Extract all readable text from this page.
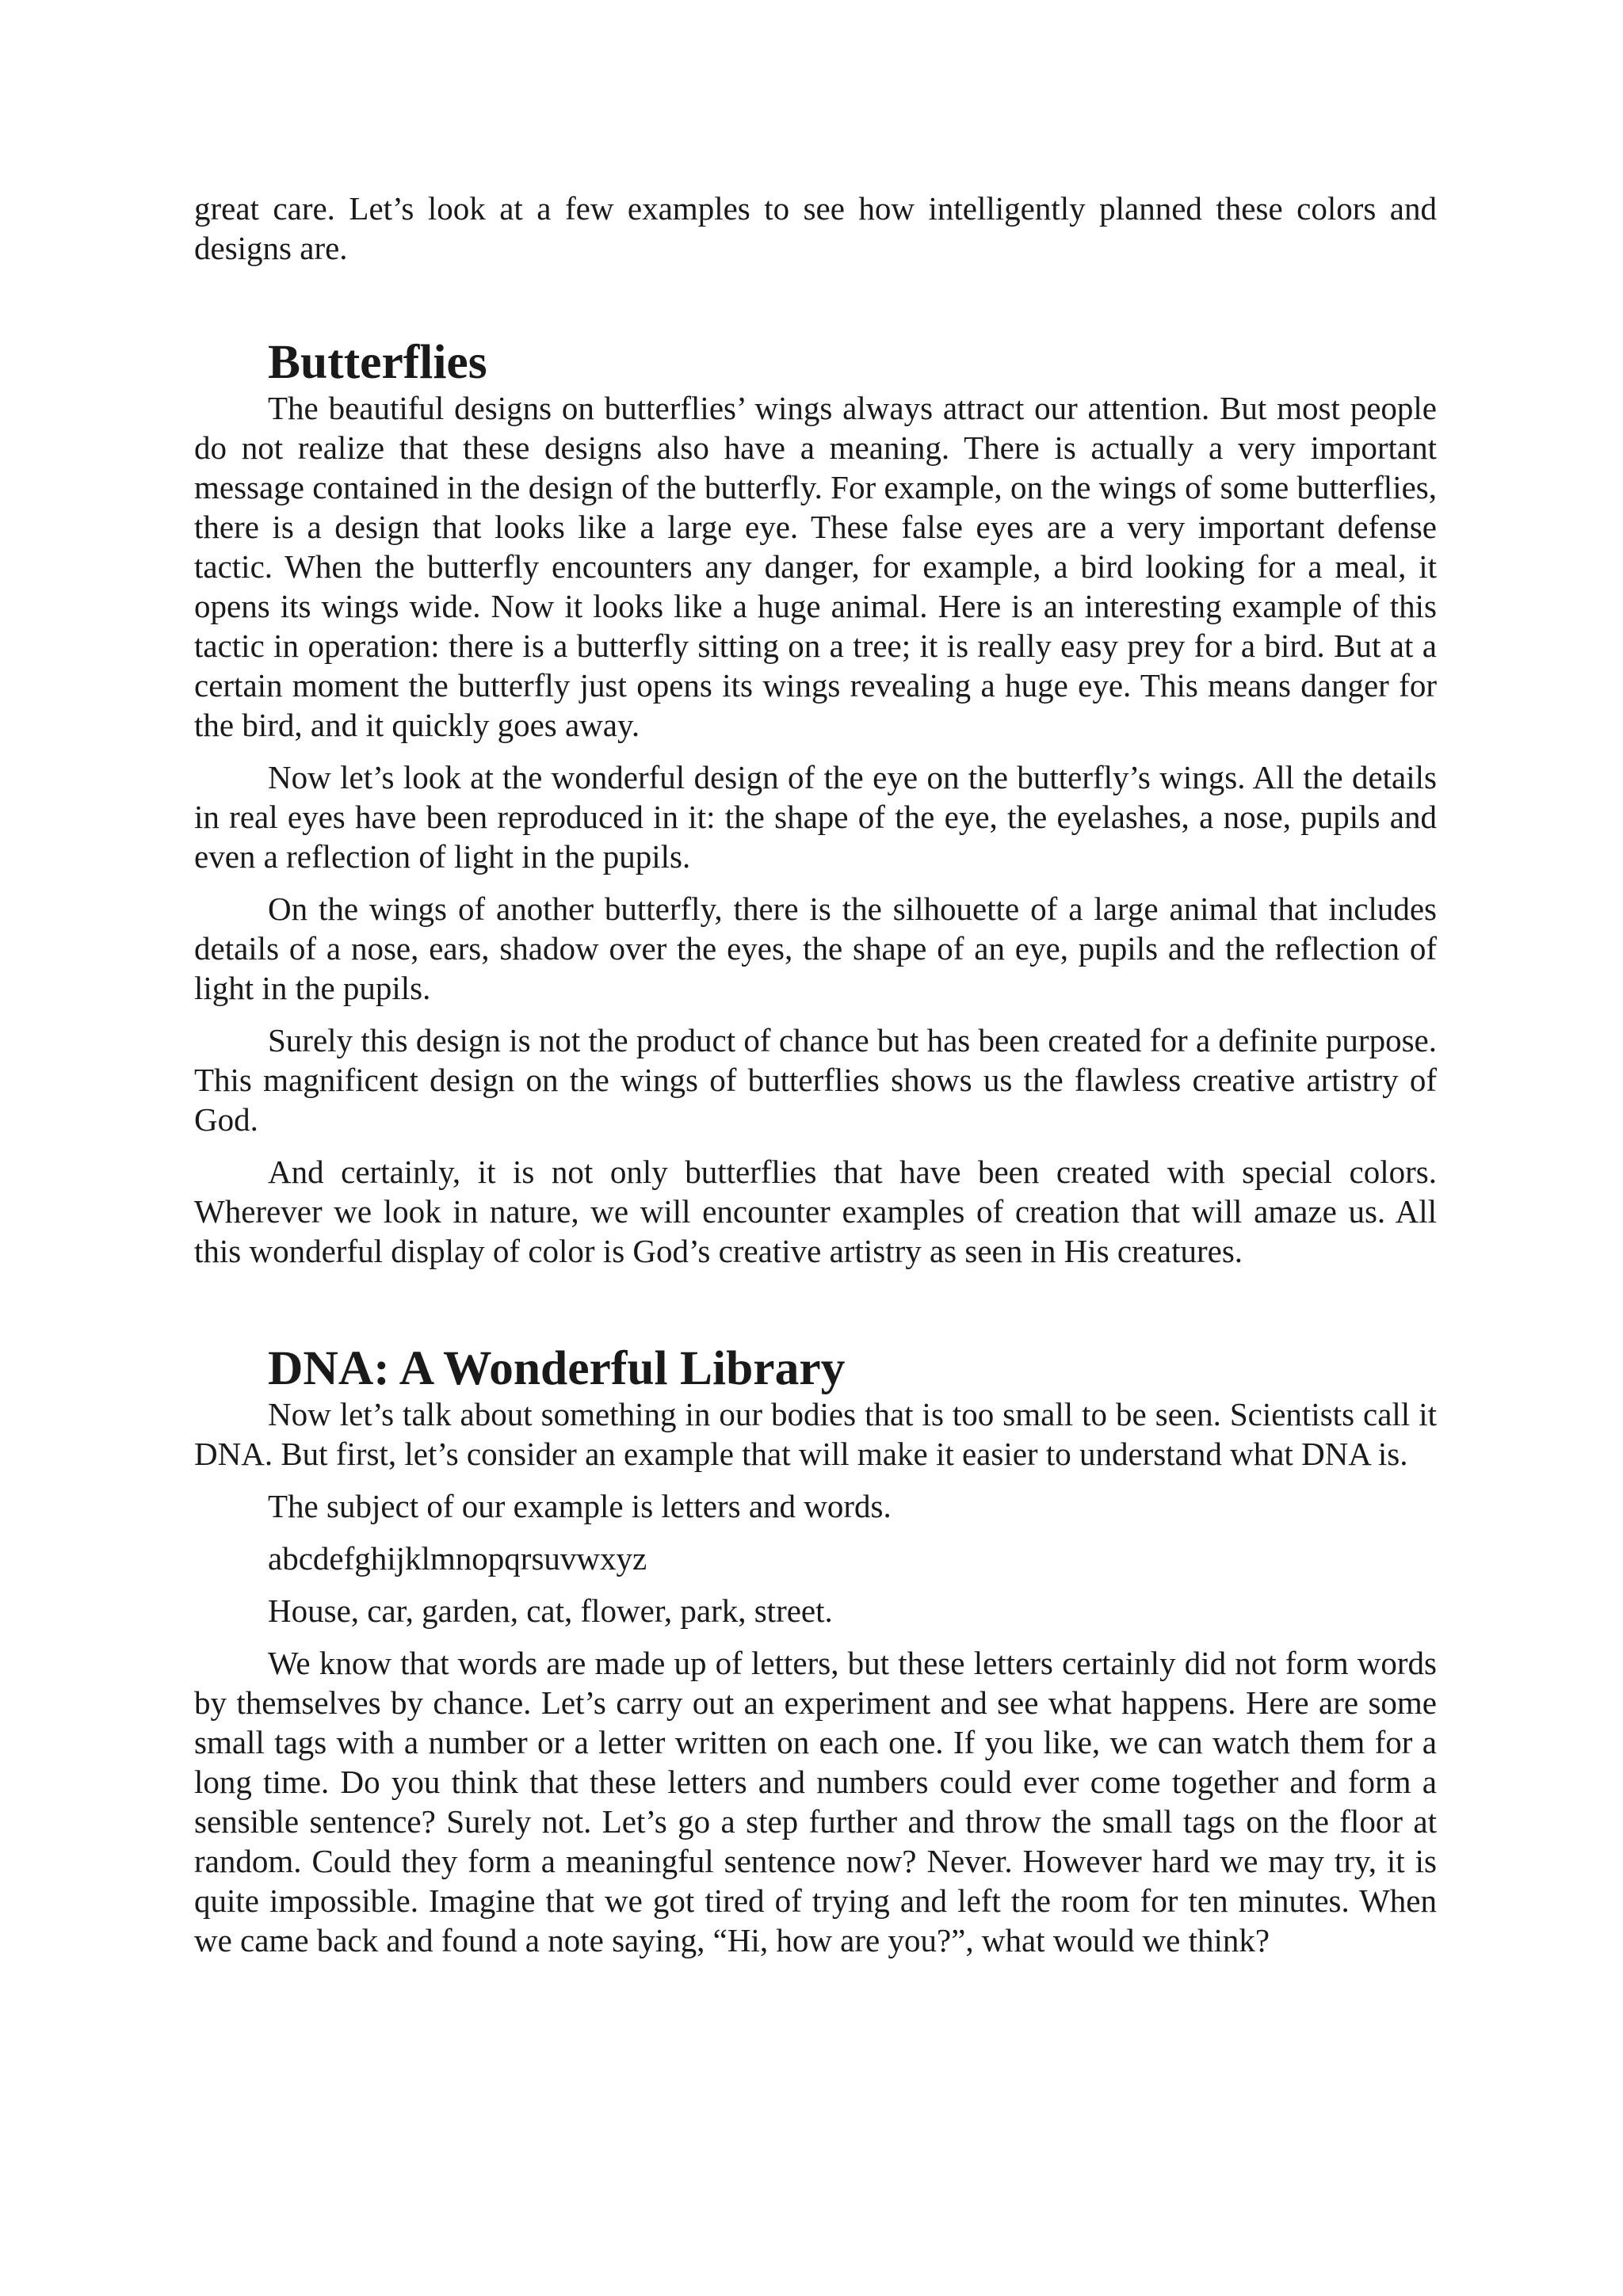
great care. Let’s look at a few examples to see how intelligently planned these colors and designs are.

Butterflies

The beautiful designs on butterflies’ wings always attract our attention. But most people do not realize that these designs also have a meaning. There is actually a very important message contained in the design of the butterfly. For example, on the wings of some butterflies, there is a design that looks like a large eye. These false eyes are a very important defense tactic. When the butterfly encounters any danger, for example, a bird looking for a meal, it opens its wings wide. Now it looks like a huge animal. Here is an interesting example of this tactic in operation: there is a butterfly sitting on a tree; it is really easy prey for a bird. But at a certain moment the butterfly just opens its wings revealing a huge eye. This means danger for the bird, and it quickly goes away.

Now let’s look at the wonderful design of the eye on the butterfly’s wings. All the details in real eyes have been reproduced in it: the shape of the eye, the eyelashes, a nose, pupils and even a reflection of light in the pupils.

On the wings of another butterfly, there is the silhouette of a large animal that includes details of a nose, ears, shadow over the eyes, the shape of an eye, pupils and the reflection of light in the pupils.

Surely this design is not the product of chance but has been created for a definite purpose. This magnificent design on the wings of butterflies shows us the flawless creative artistry of God.

And certainly, it is not only butterflies that have been created with special colors. Wherever we look in nature, we will encounter examples of creation that will amaze us. All this wonderful display of color is God’s creative artistry as seen in His creatures.

DNA: A Wonderful Library

Now let’s talk about something in our bodies that is too small to be seen. Scientists call it DNA. But first, let’s consider an example that will make it easier to understand what DNA is.

The subject of our example is letters and words.

abcdefghijklmnopqrsuvwxyz

House, car, garden, cat, flower, park, street.

We know that words are made up of letters, but these letters certainly did not form words by themselves by chance. Let’s carry out an experiment and see what happens. Here are some small tags with a number or a letter written on each one. If you like, we can watch them for a long time. Do you think that these letters and numbers could ever come together and form a sensible sentence? Surely not. Let’s go a step further and throw the small tags on the floor at random. Could they form a meaningful sentence now? Never. However hard we may try, it is quite impossible. Imagine that we got tired of trying and left the room for ten minutes. When we came back and found a note saying, “Hi, how are you?”, what would we think?
